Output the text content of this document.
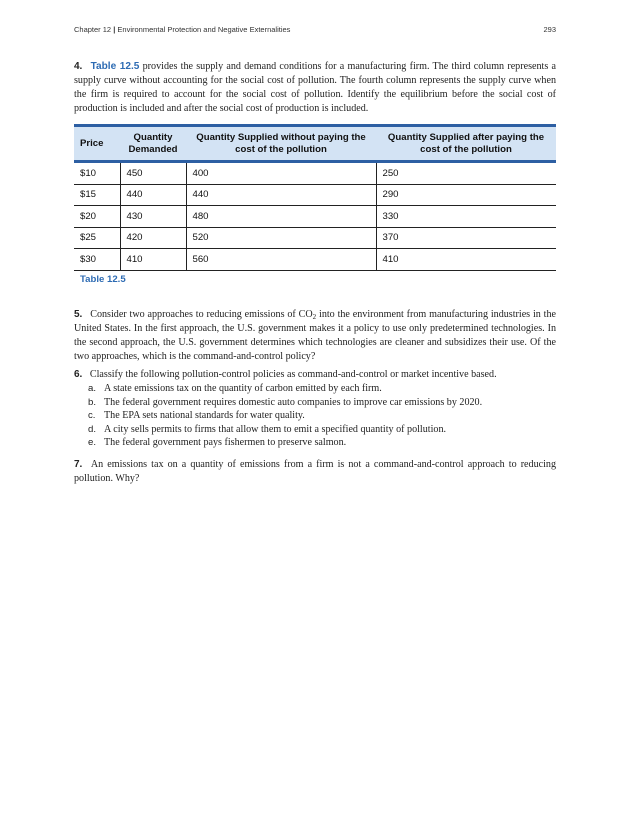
Chapter 12 | Environmental Protection and Negative Externalities	293
4. Table 12.5 provides the supply and demand conditions for a manufacturing firm. The third column represents a supply curve without accounting for the social cost of pollution. The fourth column represents the supply curve when the firm is required to account for the social cost of pollution. Identify the equilibrium before the social cost of production is included and after the social cost of production is included.
Price	Quantity Demanded	Quantity Supplied without paying the cost of the pollution	Quantity Supplied after paying the cost of the pollution
$10	450	400	250
$15	440	440	290
$20	430	480	330
$25	420	520	370
$30	410	560	410
Table 12.5
5. Consider two approaches to reducing emissions of $CO_2$ into the environment from manufacturing industries in the United States. In the first approach, the U.S. government makes it a policy to use only predetermined technologies. In the second approach, the U.S. government determines which technologies are cleaner and subsidizes their use. Of the two approaches, which is the command-and-control policy?
6. Classify the following pollution-control policies as command-and-control or market incentive based.
a. A state emissions tax on the quantity of carbon emitted by each firm.
b. The federal government requires domestic auto companies to improve car emissions by 2020.
c. The EPA sets national standards for water quality.
d. A city sells permits to firms that allow them to emit a specified quantity of pollution.
e. The federal government pays fishermen to preserve salmon.
7. An emissions tax on a quantity of emissions from a firm is not a command-and-control approach to reducing pollution. Why?
